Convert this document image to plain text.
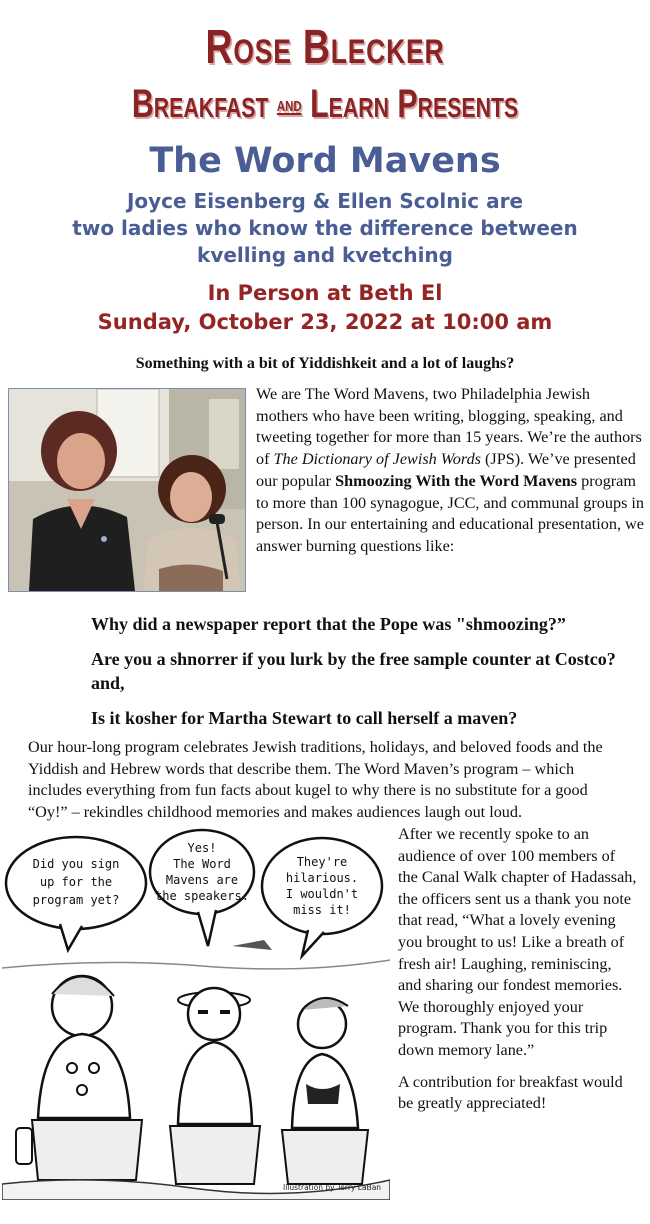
Rose Blecker
Breakfast and Learn Presents
The Word Mavens
Joyce Eisenberg & Ellen Scolnic are
two ladies who know the difference between
kvelling and kvetching
In Person at Beth El
Sunday, October 23, 2022 at 10:00 am
Something with a bit of Yiddishkeit and a lot of laughs?
We are The Word Mavens, two Philadelphia Jewish mothers who have been writing, blogging, speaking, and tweeting together for more than 15 years. We’re the authors of The Dictionary of Jewish Words (JPS). We’ve presented our popular Shmoozing With the Word Mavens program to more than 100 synagogue, JCC, and communal groups in person. In our entertaining and educational presentation, we answer burning questions like:

Why did a newspaper report that the Pope was "shmoozing?”

Are you a shnorrer if you lurk by the free sample counter at Costco? and,

Is it kosher for Martha Stewart to call herself a maven?

Our hour-long program celebrates Jewish traditions, holidays, and beloved foods and the Yiddish and Hebrew words that describe them. The Word Maven’s program – which includes everything from fun facts about kugel to why there is no substitute for a good “Oy!” – rekindles childhood memories and makes audiences laugh out loud.
Did you sign
up for the
program yet?
Yes!
The Word
Mavens are
the speakers.
They're
hilarious.
I wouldn't
miss it!
Illustration by Terry LaBan
After we recently spoke to an audience of over 100 members of the Canal Walk chapter of Hadassah, the officers sent us a thank you note that read, “What a lovely evening you brought to us! Like a breath of fresh air! Laughing, reminiscing, and sharing our fondest memories. We thoroughly enjoyed your program. Thank you for this trip down memory lane.”
A contribution for breakfast would be greatly appreciated!
